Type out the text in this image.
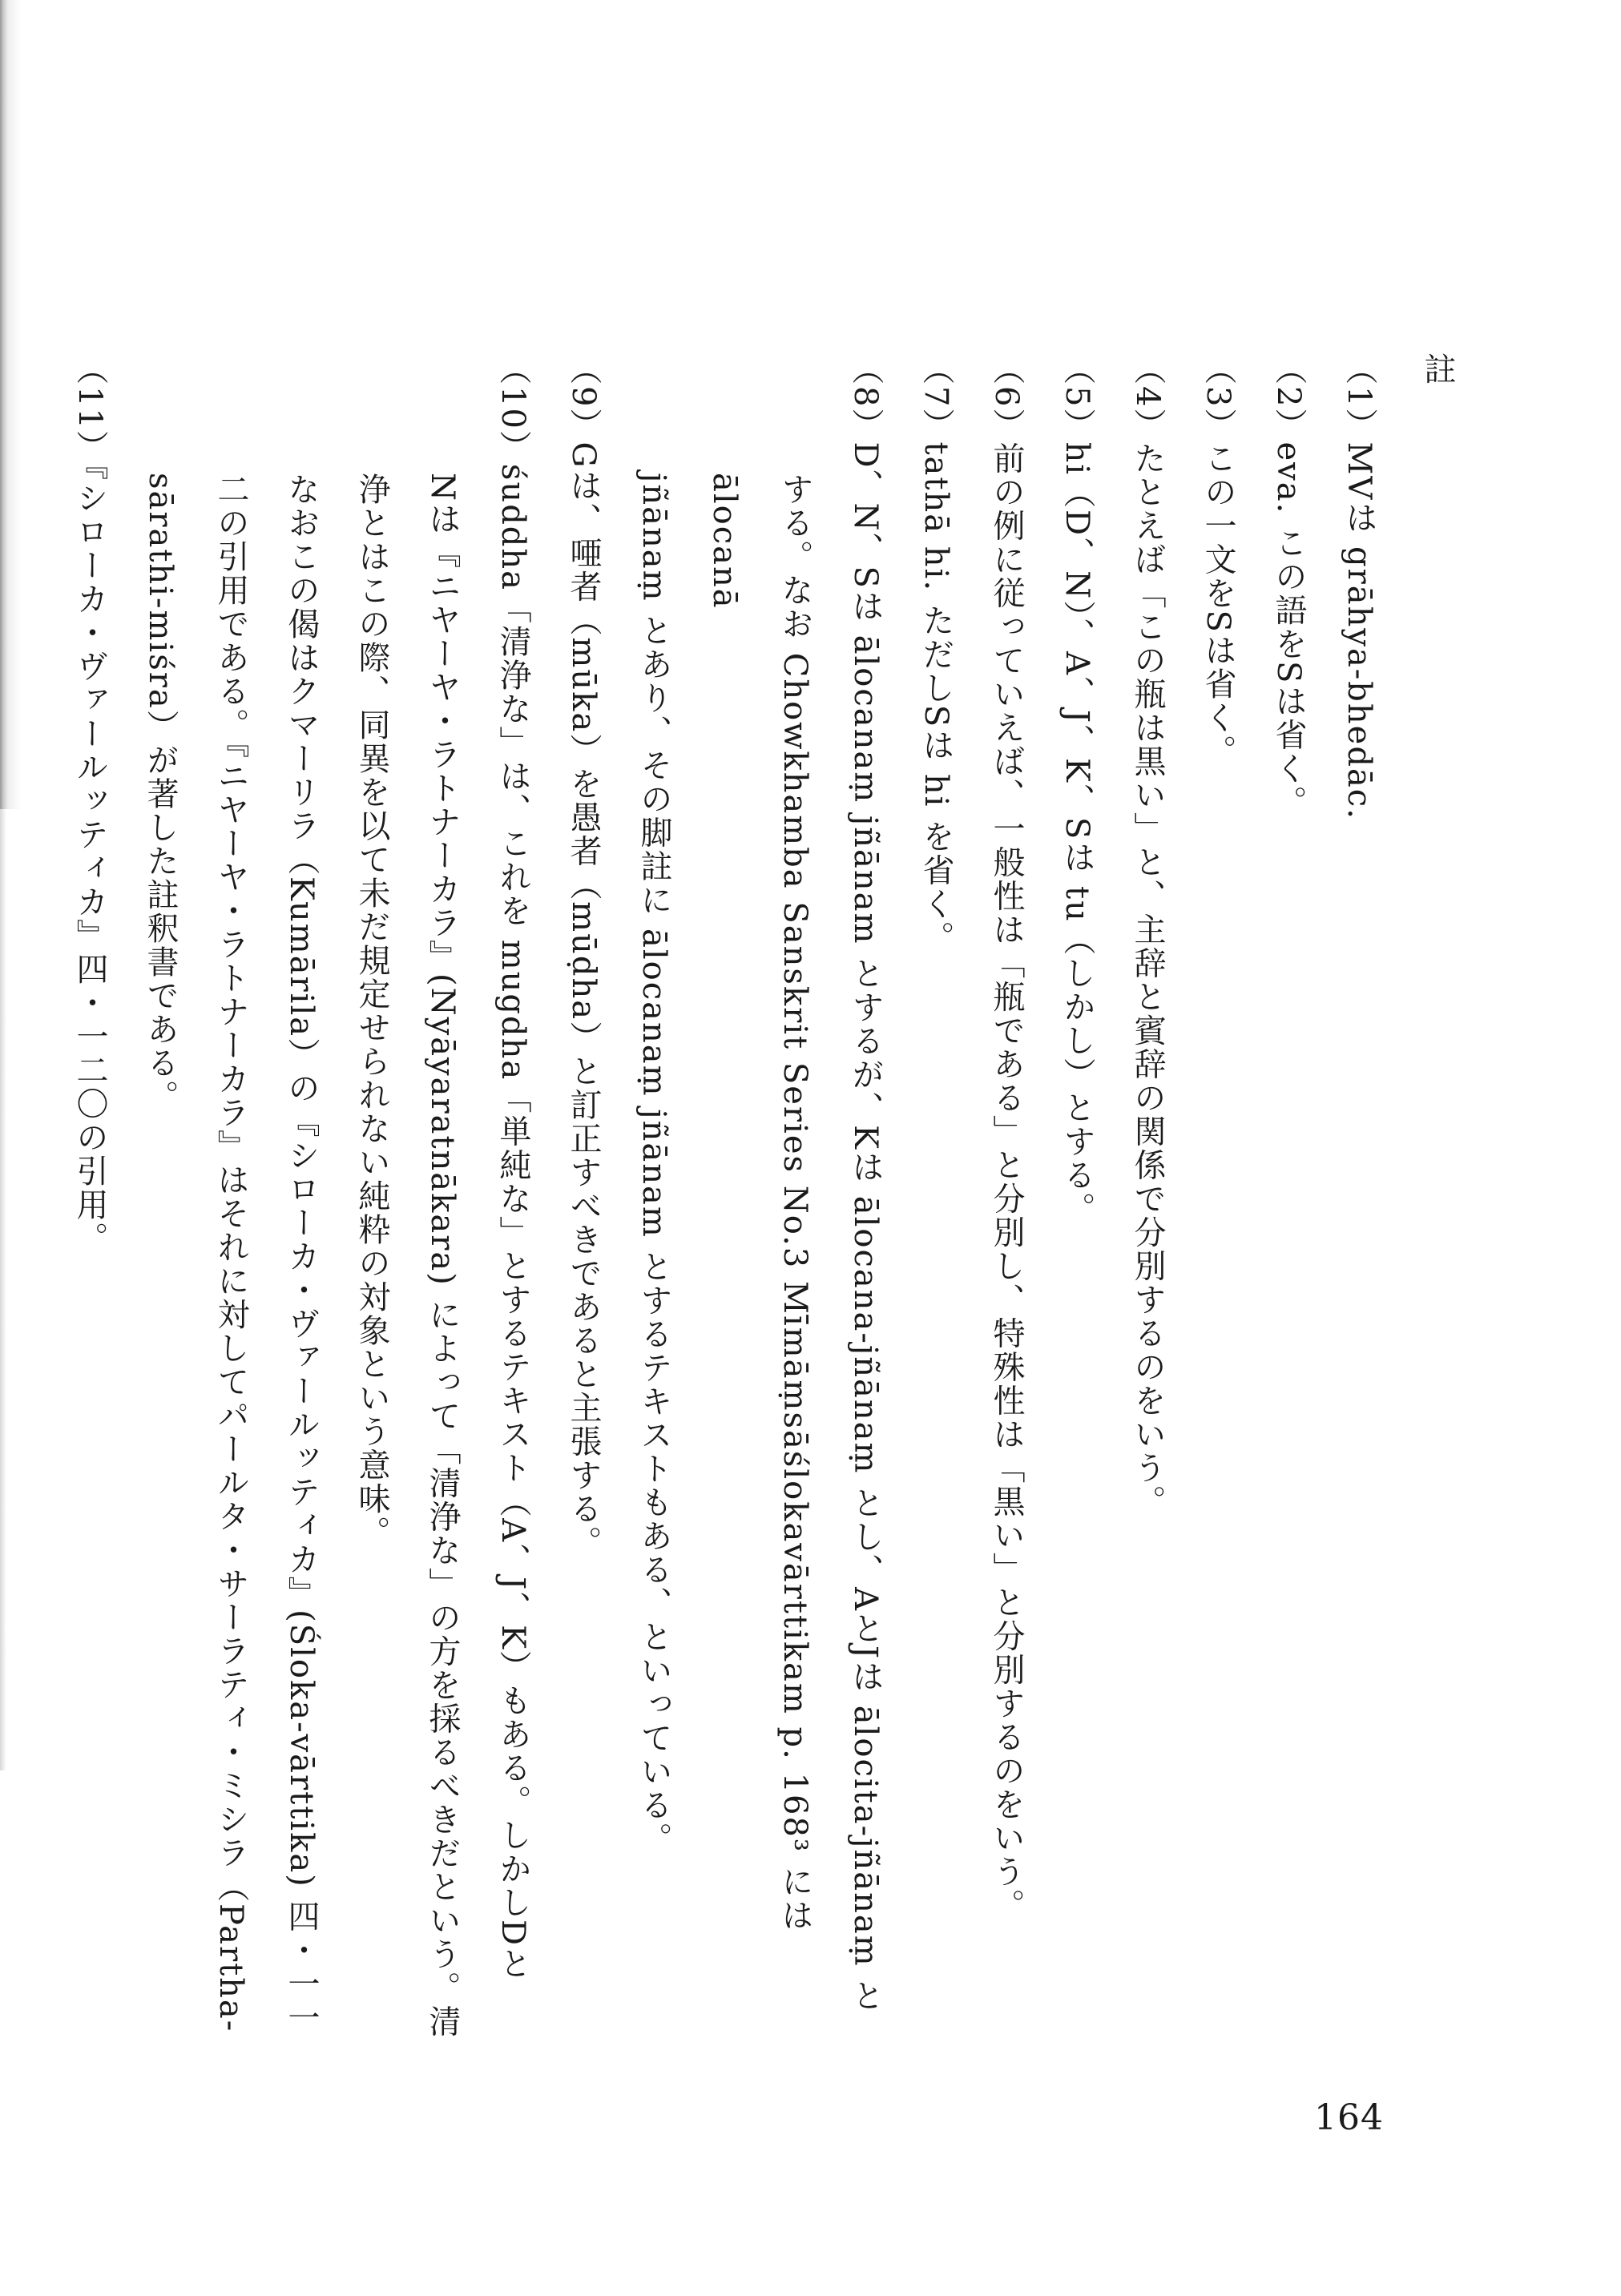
註
（1）MVは grāhya-bhedāc.
（2）eva. この語をSは省く。
（3）この一文をSは省く。
（4）たとえば「この瓶は黒い」と、主辞と賓辞の関係で分別するのをいう。
（5）hi（D、N）、A、J、K、Sは tu（しかし）とする。
（6）前の例に従っていえば、一般性は「瓶である」と分別し、特殊性は「黒い」と分別するのをいう。
（7）tathā hi. ただしSは hi を省く。
（8）D、N、Sは ālocanaṃ jñānam とするが、Kは ālocana-jñānaṃ とし、AとJは ālocita-jñānaṃ と
する。なお Chowkhamba Sanskrit Series No.3 Mīmāṃsāślokavārttikam p. 168³ には ālocanā
jñānaṃ とあり、その脚註に ālocanaṃ jñānam とするテキストもある、といっている。
（9）Gは、唖者（mūka）を愚者（mūḍha）と訂正すべきであると主張する。
（10）śuddha「清浄な」は、これを mugdha「単純な」とするテキスト（A、J、K）もある。しかしDと
Nは『ニヤーヤ・ラトナーカラ』(Nyāyaratnākara) によって「清浄な」の方を採るべきだという。清
浄とはこの際、同異を以て未だ規定せられない純粋の対象という意味。
なおこの偈はクマーリラ（Kumārila）の『シローカ・ヴァールッティカ』(Śloka-vārttika) 四・一一
二の引用である。『ニヤーヤ・ラトナーカラ』はそれに対してパールタ・サーラティ・ミシラ（Partha-
sārathi-miśra）が著した註釈書である。
（11）『シローカ・ヴァールッティカ』四・一二〇の引用。
164
